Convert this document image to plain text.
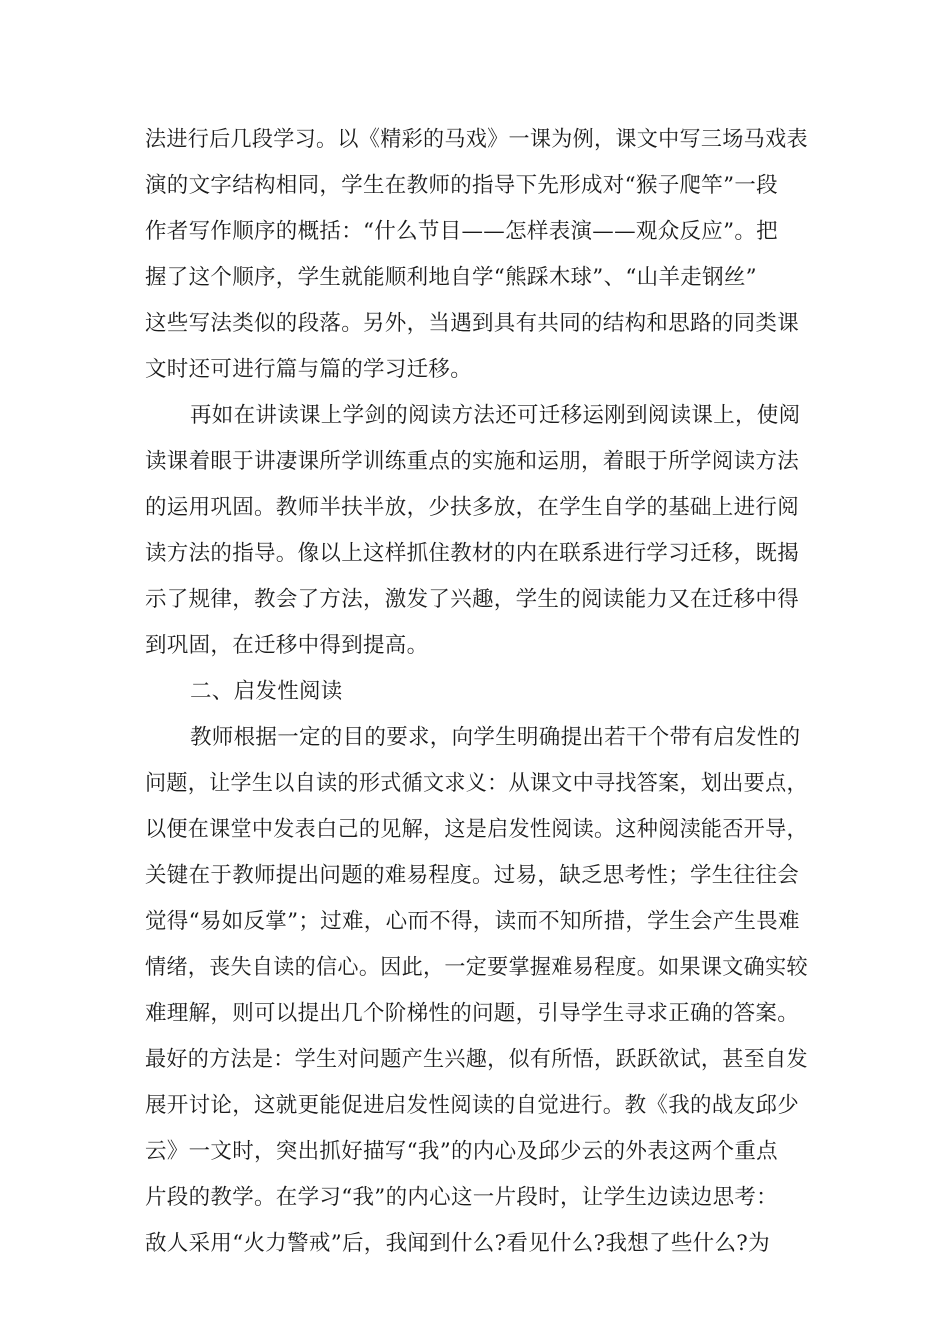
法进行后几段学习。以《精彩的马戏》一课为例，课文中写三场马戏表
演的文字结构相同，学生在教师的指导下先形成对“猴子爬竿”一段
作者写作顺序的概括：“什么节目——怎样表演——观众反应”。把
握了这个顺序，学生就能顺利地自学“熊踩木球”、“山羊走钢丝”
这些写法类似的段落。另外，当遇到具有共同的结构和思路的同类课
文时还可进行篇与篇的学习迁移。
再如在讲读课上学剑的阅读方法还可迁移运刚到阅读课上，使阅
读课着眼于讲凄课所学训练重点的实施和运朋，着眼于所学阅读方法
的运用巩固。教师半扶半放，少扶多放，在学生自学的基础上进行阅
读方法的指导。像以上这样抓住教材的内在联系进行学习迁移，既揭
示了规律，教会了方法，激发了兴趣，学生的阅读能力又在迁移中得
到巩固，在迁移中得到提高。
二、启发性阅读
教师根据一定的目的要求，向学生明确提出若干个带有启发性的
问题，让学生以自读的形式循文求义：从课文中寻找答案，划出要点，
以便在课堂中发表白己的见解，这是启发性阅读。这种阅渎能否开导，
关键在于教师提出问题的难易程度。过易，缺乏思考性；学生往往会
觉得“易如反掌”；过难，心而不得，读而不知所措，学生会产生畏难
情绪，丧失自读的信心。因此，一定要掌握难易程度。如果课文确实较
难理解，则可以提出几个阶梯性的问题，引导学生寻求正确的答案。
最好的方法是：学生对问题产生兴趣，似有所悟，跃跃欲试，甚至自发
展开讨论，这就更能促进启发性阅读的自觉进行。教《我的战友邱少
云》一文时，突出抓好描写“我”的内心及邱少云的外表这两个重点
片段的教学。在学习“我”的内心这一片段时，让学生边读边思考：
敌人采用“火力警戒”后，我闻到什么?看见什么?我想了些什么?为
